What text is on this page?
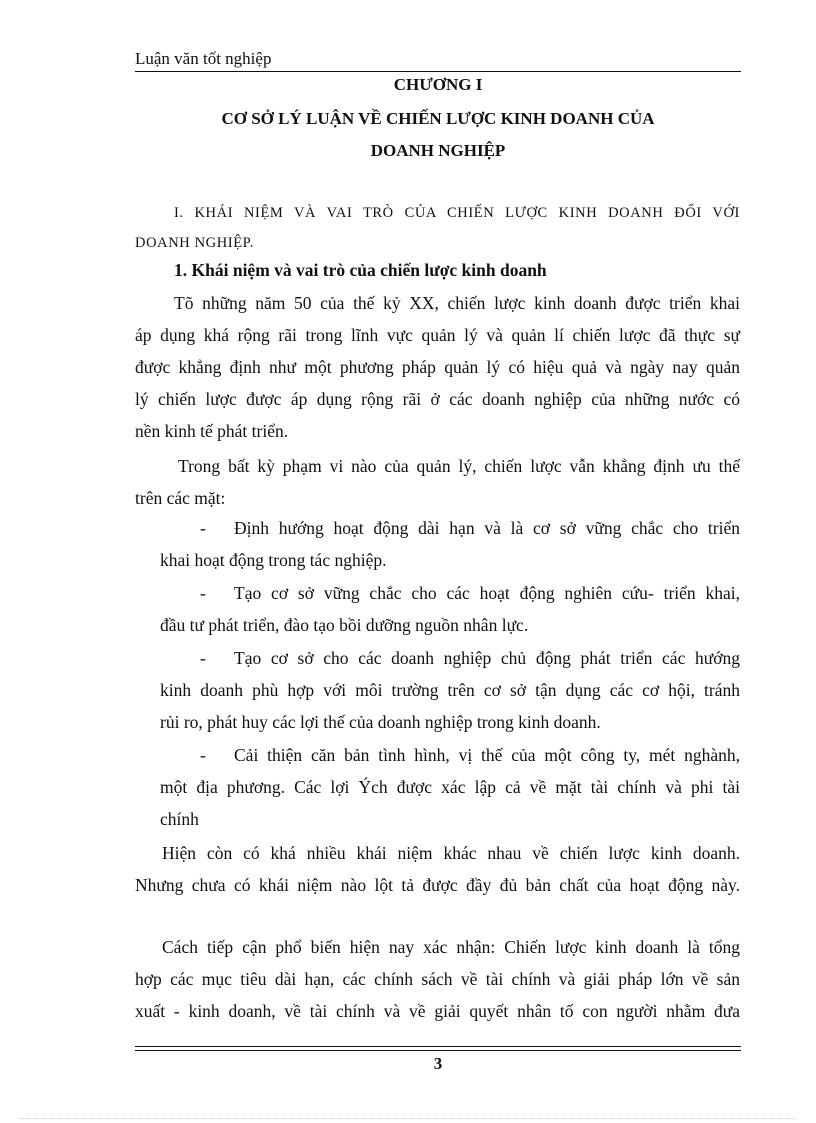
Luận văn tốt nghiệp
CHƯƠNG I
CƠ SỞ LÝ LUẬN VỀ CHIẾN LƯỢC KINH DOANH CỦA
DOANH NGHIỆP
I. KHÁI NIỆM VÀ VAI TRÒ CỦA CHIẾN LƯỢC KINH DOANH ĐỐI VỚI
DOANH NGHIỆP.
1. Khái niệm và vai trò của chiến lược kinh doanh
Tõ những năm 50 của thế kỷ XX, chiến lược kinh doanh được triển khai
áp dụng khá rộng rãi trong lĩnh vực quản lý và quản lí chiến lược đã thực sự
được khẳng định như một phương pháp quản lý có hiệu quả và ngày nay quản
lý chiến lược được áp dụng rộng rãi ở các doanh nghiệp của những nước có
nền kinh tế phát triển.
Trong bất kỳ phạm vi nào của quản lý, chiến lược vẫn khẳng định ưu thế
trên các mặt:
- Định hướng hoạt động dài hạn và là cơ sở vững chắc cho triển
khai hoạt động trong tác nghiệp.
- Tạo cơ sở vững chắc cho các hoạt động nghiên cứu- triển khai,
đầu tư phát triển, đào tạo bồi dưỡng nguồn nhân lực.
- Tạo cơ sở cho các doanh nghiệp chủ động phát triển các hướng
kinh doanh phù hợp với môi trường trên cơ sở tận dụng các cơ hội, tránh
rủi ro, phát huy các lợi thế của doanh nghiệp trong kinh doanh.
- Cải thiện căn bản tình hình, vị thế của một công ty, mét nghành,
một địa phương. Các lợi Ých được xác lập cả về mặt tài chính và phi tài
chính
Hiện còn có khá nhiều khái niệm khác nhau về chiến lược kinh doanh.
Nhưng chưa có khái niệm nào lột tả được đầy đủ bản chất của hoạt động này.
Cách tiếp cận phổ biến hiện nay xác nhận: Chiến lược kinh doanh là tổng
hợp các mục tiêu dài hạn, các chính sách về tài chính và giải pháp lớn về sản
xuất - kinh doanh, về tài chính và về giải quyết nhân tố con người nhằm đưa
3
